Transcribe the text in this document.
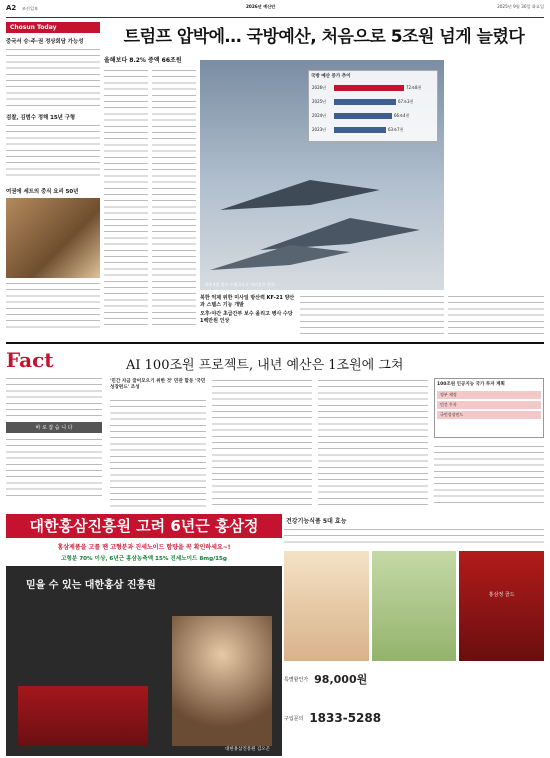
A2 조선일보	2026년 예산안	2025년 9월 30일 화요일
Chosun Today
중국서 승·주·권 정상회담 가능성
검찰, 김범수 정해 15년 구형
여권에 세트의 중식 요리 50년
트럼프 압박에… 국방예산, 처음으로 5조원 넘게 늘렸다
올해보다 8.2% 증액 66조원
북한 억제 위한 미사일 방산력 KF-21 양산과 스텔스 기능 개발
오후·야간 초급간부 보수 올리고 병사 수당 1백만원 인상
국방 예산 증가 추이
2026년	72조8천
2025년	67조3천
2024년	66조4천
2023년	63조7천
세계 4위 방산 수출국으로 자리잡은 한국
Fact
바 로 잡 습 니 다
AI 100조원 프로젝트, 내년 예산은 1조원에 그쳐
'민간 자금 끌어모으기 위한 것' 민관 합동 '국민성장펀드' 조성
100조원 인공지능 국가 투자 계획
정부 재정
민간 투자
국민성장펀드
대한홍삼진흥원 고려 6년근 홍삼정
홍삼제품을 고를 땐 고형분과 진세노이드 함량을 꼭 확인하세요~!
고형분 70% 이상, 6년근 홍삼농축액 15% 진세노이드 8mg/15g
믿을 수 있는 대한홍삼 진흥원
대한홍삼진흥원 김오곤
건강기능식품 5대 효능
홍삼정 골드
특별할인가 98,000원
구입문의 1833-5288
